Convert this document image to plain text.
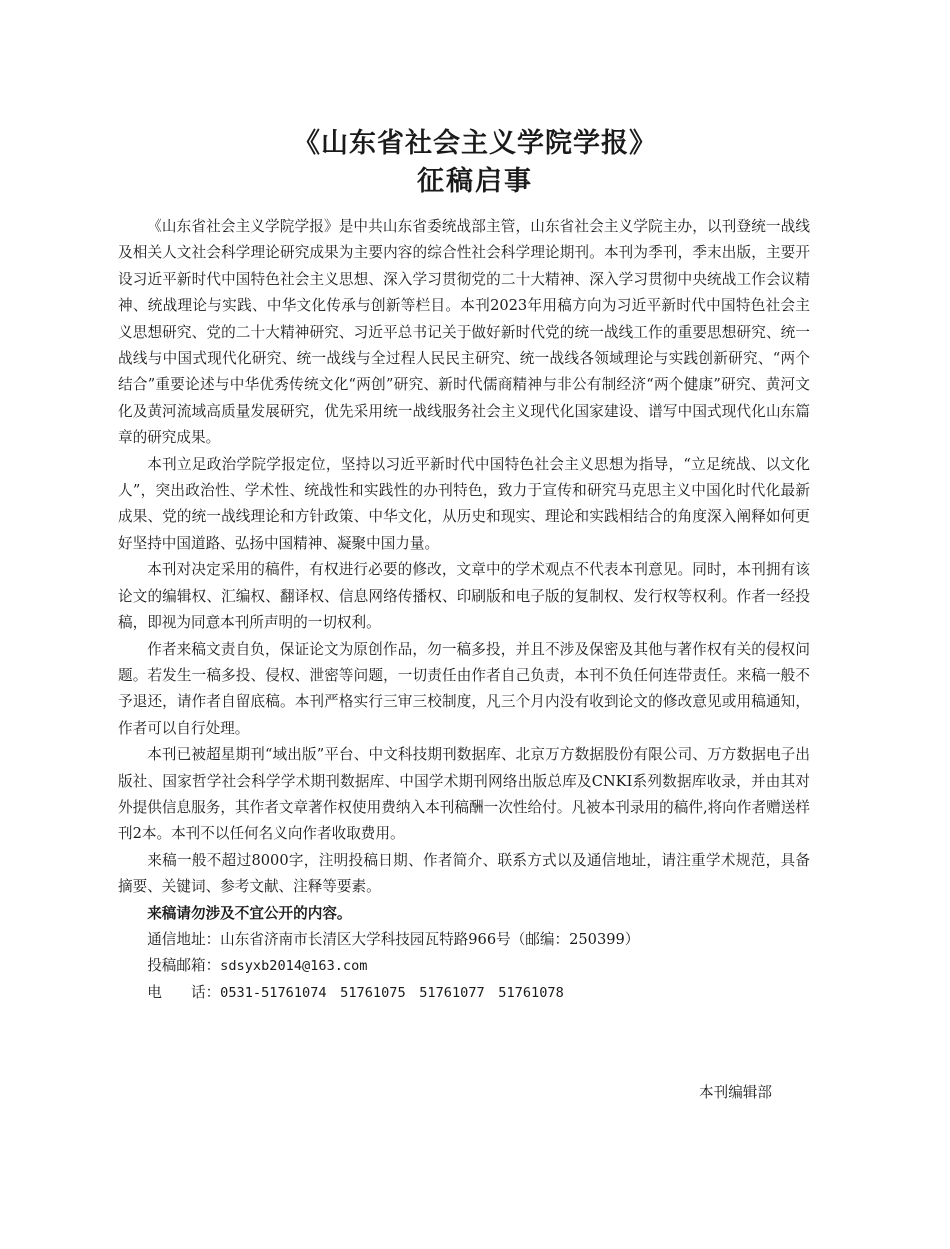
《山东省社会主义学院学报》
征稿启事

《山东省社会主义学院学报》是中共山东省委统战部主管，山东省社会主义学院主办，以刊登统一战线及相关人文社会科学理论研究成果为主要内容的综合性社会科学理论期刊。本刊为季刊，季末出版，主要开设习近平新时代中国特色社会主义思想、深入学习贯彻党的二十大精神、深入学习贯彻中央统战工作会议精神、统战理论与实践、中华文化传承与创新等栏目。本刊2023年用稿方向为习近平新时代中国特色社会主义思想研究、党的二十大精神研究、习近平总书记关于做好新时代党的统一战线工作的重要思想研究、统一战线与中国式现代化研究、统一战线与全过程人民民主研究、统一战线各领域理论与实践创新研究、“两个结合”重要论述与中华优秀传统文化“两创”研究、新时代儒商精神与非公有制经济“两个健康”研究、黄河文化及黄河流域高质量发展研究，优先采用统一战线服务社会主义现代化国家建设、谱写中国式现代化山东篇章的研究成果。

本刊立足政治学院学报定位，坚持以习近平新时代中国特色社会主义思想为指导，“立足统战、以文化人”，突出政治性、学术性、统战性和实践性的办刊特色，致力于宣传和研究马克思主义中国化时代化最新成果、党的统一战线理论和方针政策、中华文化，从历史和现实、理论和实践相结合的角度深入阐释如何更好坚持中国道路、弘扬中国精神、凝聚中国力量。

本刊对决定采用的稿件，有权进行必要的修改，文章中的学术观点不代表本刊意见。同时，本刊拥有该论文的编辑权、汇编权、翻译权、信息网络传播权、印刷版和电子版的复制权、发行权等权利。作者一经投稿，即视为同意本刊所声明的一切权利。

作者来稿文责自负，保证论文为原创作品，勿一稿多投，并且不涉及保密及其他与著作权有关的侵权问题。若发生一稿多投、侵权、泄密等问题，一切责任由作者自己负责，本刊不负任何连带责任。来稿一般不予退还，请作者自留底稿。本刊严格实行三审三校制度，凡三个月内没有收到论文的修改意见或用稿通知，作者可以自行处理。

本刊已被超星期刊“域出版”平台、中文科技期刊数据库、北京万方数据股份有限公司、万方数据电子出版社、国家哲学社会科学学术期刊数据库、中国学术期刊网络出版总库及CNKI系列数据库收录，并由其对外提供信息服务，其作者文章著作权使用费纳入本刊稿酬一次性给付。凡被本刊录用的稿件,将向作者赠送样刊2本。本刊不以任何名义向作者收取费用。

来稿一般不超过8000字，注明投稿日期、作者简介、联系方式以及通信地址，请注重学术规范，具备摘要、关键词、参考文献、注释等要素。

来稿请勿涉及不宜公开的内容。
通信地址：山东省济南市长清区大学科技园瓦特路966号（邮编：250399）
投稿邮箱：sdsyxb2014@163.com
电　　话：0531-51761074　51761075　51761077　51761078
本刊编辑部
